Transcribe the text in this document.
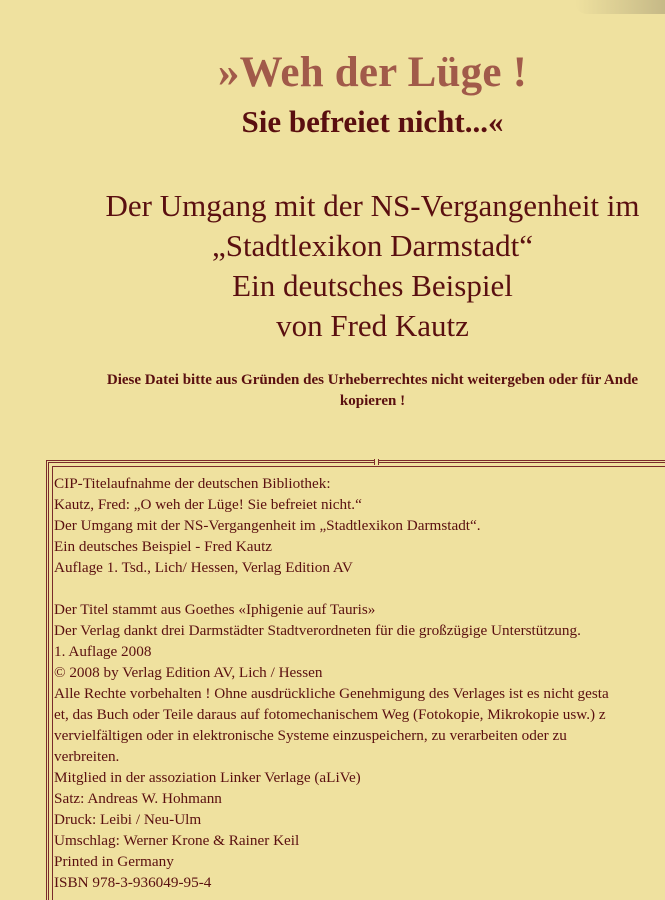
»Weh der Lüge !
Sie befreiet nicht...«
Der Umgang mit der NS-Vergangenheit im
„Stadtlexikon Darmstadt“
Ein deutsches Beispiel
von Fred Kautz
Diese Datei bitte aus Gründen des Urheberrechtes nicht weitergeben oder für Ande
kopieren !
CIP-Titelaufnahme der deutschen Bibliothek:
Kautz, Fred: „O weh der Lüge! Sie befreiet nicht.“
Der Umgang mit der NS-Vergangenheit im „Stadtlexikon Darmstadt“.
Ein deutsches Beispiel - Fred Kautz
Auflage 1. Tsd., Lich/ Hessen, Verlag Edition AV
Der Titel stammt aus Goethes «Iphigenie auf Tauris»
Der Verlag dankt drei Darmstädter Stadtverordneten für die großzügige Unterstützung.
1. Auflage 2008
© 2008 by Verlag Edition AV, Lich / Hessen
Alle Rechte vorbehalten ! Ohne ausdrückliche Genehmigung des Verlages ist es nicht gesta
et, das Buch oder Teile daraus auf fotomechanischem Weg (Fotokopie, Mikrokopie usw.) z
vervielfältigen oder in elektronische Systeme einzuspeichern, zu verarbeiten oder zu
verbreiten.
Mitglied in der assoziation Linker Verlage (aLiVe)
Satz: Andreas W. Hohmann
Druck: Leibi / Neu-Ulm
Umschlag: Werner Krone & Rainer Keil
Printed in Germany
ISBN 978-3-936049-95-4
